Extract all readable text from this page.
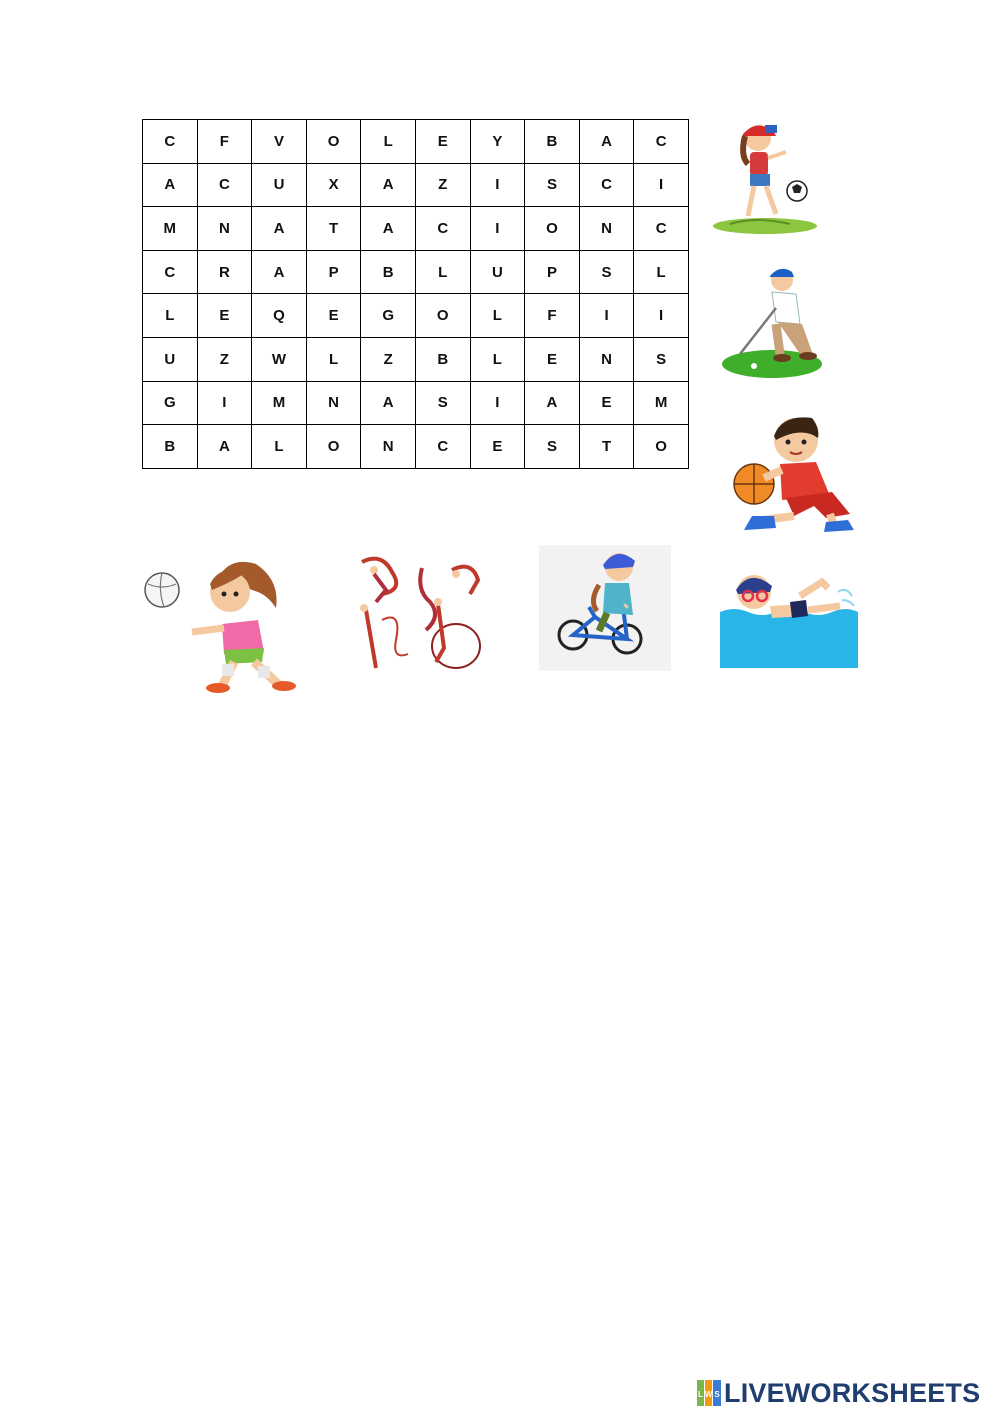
C	F	V	O	L	E	Y	B	A	C
A	C	U	X	A	Z	I	S	C	I
M	N	A	T	A	C	I	O	N	C
C	R	A	P	B	L	U	P	S	L
L	E	Q	E	G	O	L	F	I	I
U	Z	W	L	Z	B	L	E	N	S
G	I	M	N	A	S	I	A	E	M
B	A	L	O	N	C	E	S	T	O
L W S LIVEWORKSHEETS
